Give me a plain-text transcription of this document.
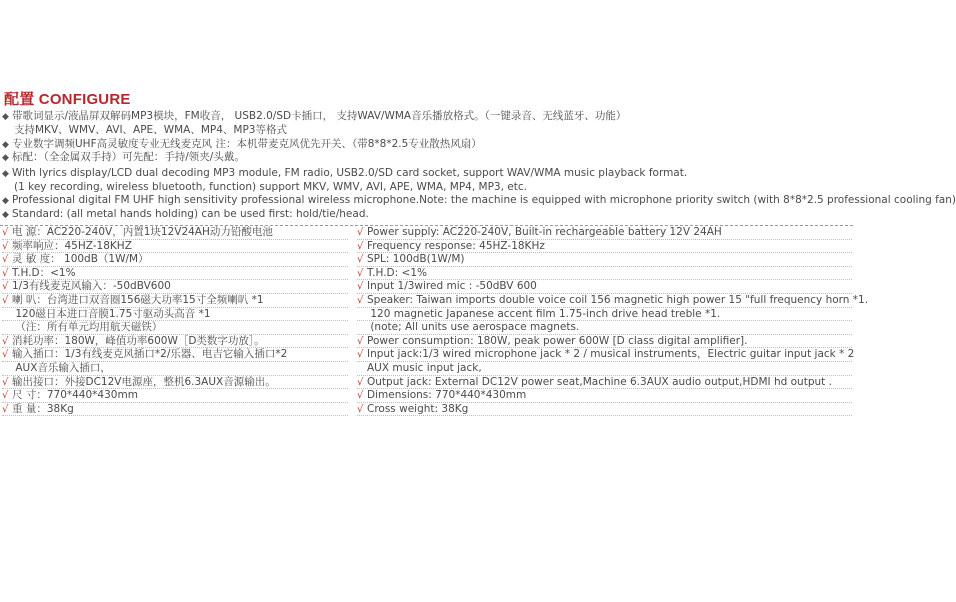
配置 CONFIGURE
◆ 带歌词显示/液晶屏双解码MP3模块，FM收音， USB2.0/SD卡插口， 支持WAV/WMA音乐播放格式。（一键录音、无线蓝牙、功能）
支持MKV、WMV、AVI、APE、WMA、MP4、MP3等格式
◆ 专业数字调频UHF高灵敏度专业无线麦克风 注：本机带麦克风优先开关、（带8*8*2.5专业散热风扇）
◆ 标配：（全金属双手持）可先配：手持/领夹/头戴。
◆ With lyrics display/LCD dual decoding MP3 module, FM radio, USB2.0/SD card socket, support WAV/WMA music playback format.
(1 key recording, wireless bluetooth, function) support MKV, WMV, AVI, APE, WMA, MP4, MP3, etc.
◆ Professional digital FM UHF high sensitivity professional wireless microphone.Note: the machine is equipped with microphone priority switch (with 8*8*2.5 professional cooling fan)
◆ Standard: (all metal hands holding) can be used first: hold/tie/head.
√ 电 源：AC220-240V，内置1块12V24AH动力铅酸电池
√ 频率响应：45HZ-18KHZ
√ 灵 敏 度： 100dB（1W/M）
√ T.H.D：<1%
√ 1/3有线麦克风输入：-50dBV600
√ 喇 叭：台湾进口双音圈156磁大功率15寸全频喇叭 *1
120磁日本进口音膜1.75寸驱动头高音 *1
（注：所有单元均用航天磁铁）
√ 消耗功率：180W，峰值功率600W［D类数字功放］。
√ 输入插口：1/3有线麦克风插口*2/乐器、电吉它输入插口*2
AUX音乐输入插口，
√ 输出接口：外接DC12V电源座，整机6.3AUX音源输出。
√ 尺 寸：770*440*430mm
√ 重 量：38Kg
√ Power supply: AC220-240V, Built-in rechargeable battery 12V 24AH
√ Frequency response: 45HZ-18KHz
√ SPL: 100dB(1W/M)
√ T.H.D: <1%
√ Input 1/3wired mic : -50dBV 600
√ Speaker: Taiwan imports double voice coil 156 magnetic high power 15 "full frequency horn *1.
120 magnetic Japanese accent film 1.75-inch drive head treble *1.
(note; All units use aerospace magnets.
√ Power consumption: 180W, peak power 600W [D class digital amplifier].
√ Input jack:1/3 wired microphone jack * 2 / musical instruments，Electric guitar input jack * 2
AUX music input jack,
√ Output jack: External DC12V power seat,Machine 6.3AUX audio output,HDMI hd output .
√ Dimensions: 770*440*430mm
√ Cross weight: 38Kg
